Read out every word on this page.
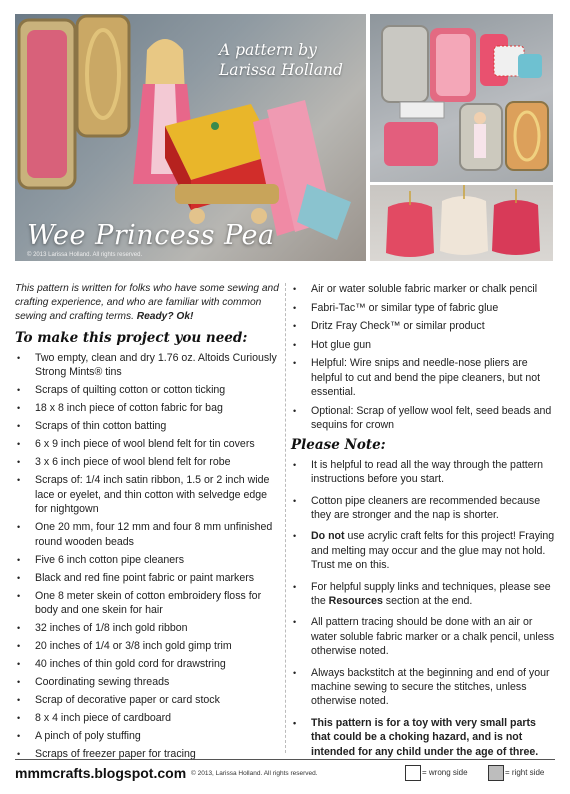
A pattern by
Larissa Holland
Wee Princess Pea
© 2013 Larissa Holland. All rights reserved.

This pattern is written for folks who have some sewing and crafting experience, and who are familiar with common sewing and crafting terms. Ready? Ok!

To make this project you need:
• Two empty, clean and dry 1.76 oz. Altoids Curiously Strong Mints® tins
• Scraps of quilting cotton or cotton ticking
• 18 x 8 inch piece of cotton fabric for bag
• Scraps of thin cotton batting
• 6 x 9 inch piece of wool blend felt for tin covers
• 3 x 6 inch piece of wool blend felt for robe
• Scraps of: 1/4 inch satin ribbon, 1.5 or 2 inch wide lace or eyelet, and thin cotton with selvedge edge for nightgown
• One 20 mm, four 12 mm and four 8 mm unfinished round wooden beads
• Five 6 inch cotton pipe cleaners
• Black and red fine point fabric or paint markers
• One 8 meter skein of cotton embroidery floss for body and one skein for hair
• 32 inches of 1/8 inch gold ribbon
• 20 inches of 1/4 or 3/8 inch gold gimp trim
• 40 inches of thin gold cord for drawstring
• Coordinating sewing threads
• Scrap of decorative paper or card stock
• 8 x 4 inch piece of cardboard
• A pinch of poly stuffing
• Scraps of freezer paper for tracing
• Air or water soluble fabric marker or chalk pencil
• Fabri-Tac™ or similar type of fabric glue
• Dritz Fray Check™ or similar product
• Hot glue gun
• Helpful: Wire snips and needle-nose pliers are helpful to cut and bend the pipe cleaners, but not essential.
• Optional: Scrap of yellow wool felt, seed beads and sequins for crown
Please Note:
• It is helpful to read all the way through the pattern instructions before you start.
• Cotton pipe cleaners are recommended because they are stronger and the nap is shorter.
• Do not use acrylic craft felts for this project! Fraying and melting may occur and the glue may not hold. Trust me on this.
• For helpful supply links and techniques, please see the Resources section at the end.
• All pattern tracing should be done with an air or water soluble fabric marker or a chalk pencil, unless otherwise noted.
• Always backstitch at the beginning and end of your machine sewing to secure the stitches, unless otherwise noted.
• This pattern is for a toy with very small parts that could be a choking hazard, and is not intended for any child under the age of three.
mmmcrafts.blogspot.com © 2013, Larissa Holland. All rights reserved.	= wrong side	= right side
